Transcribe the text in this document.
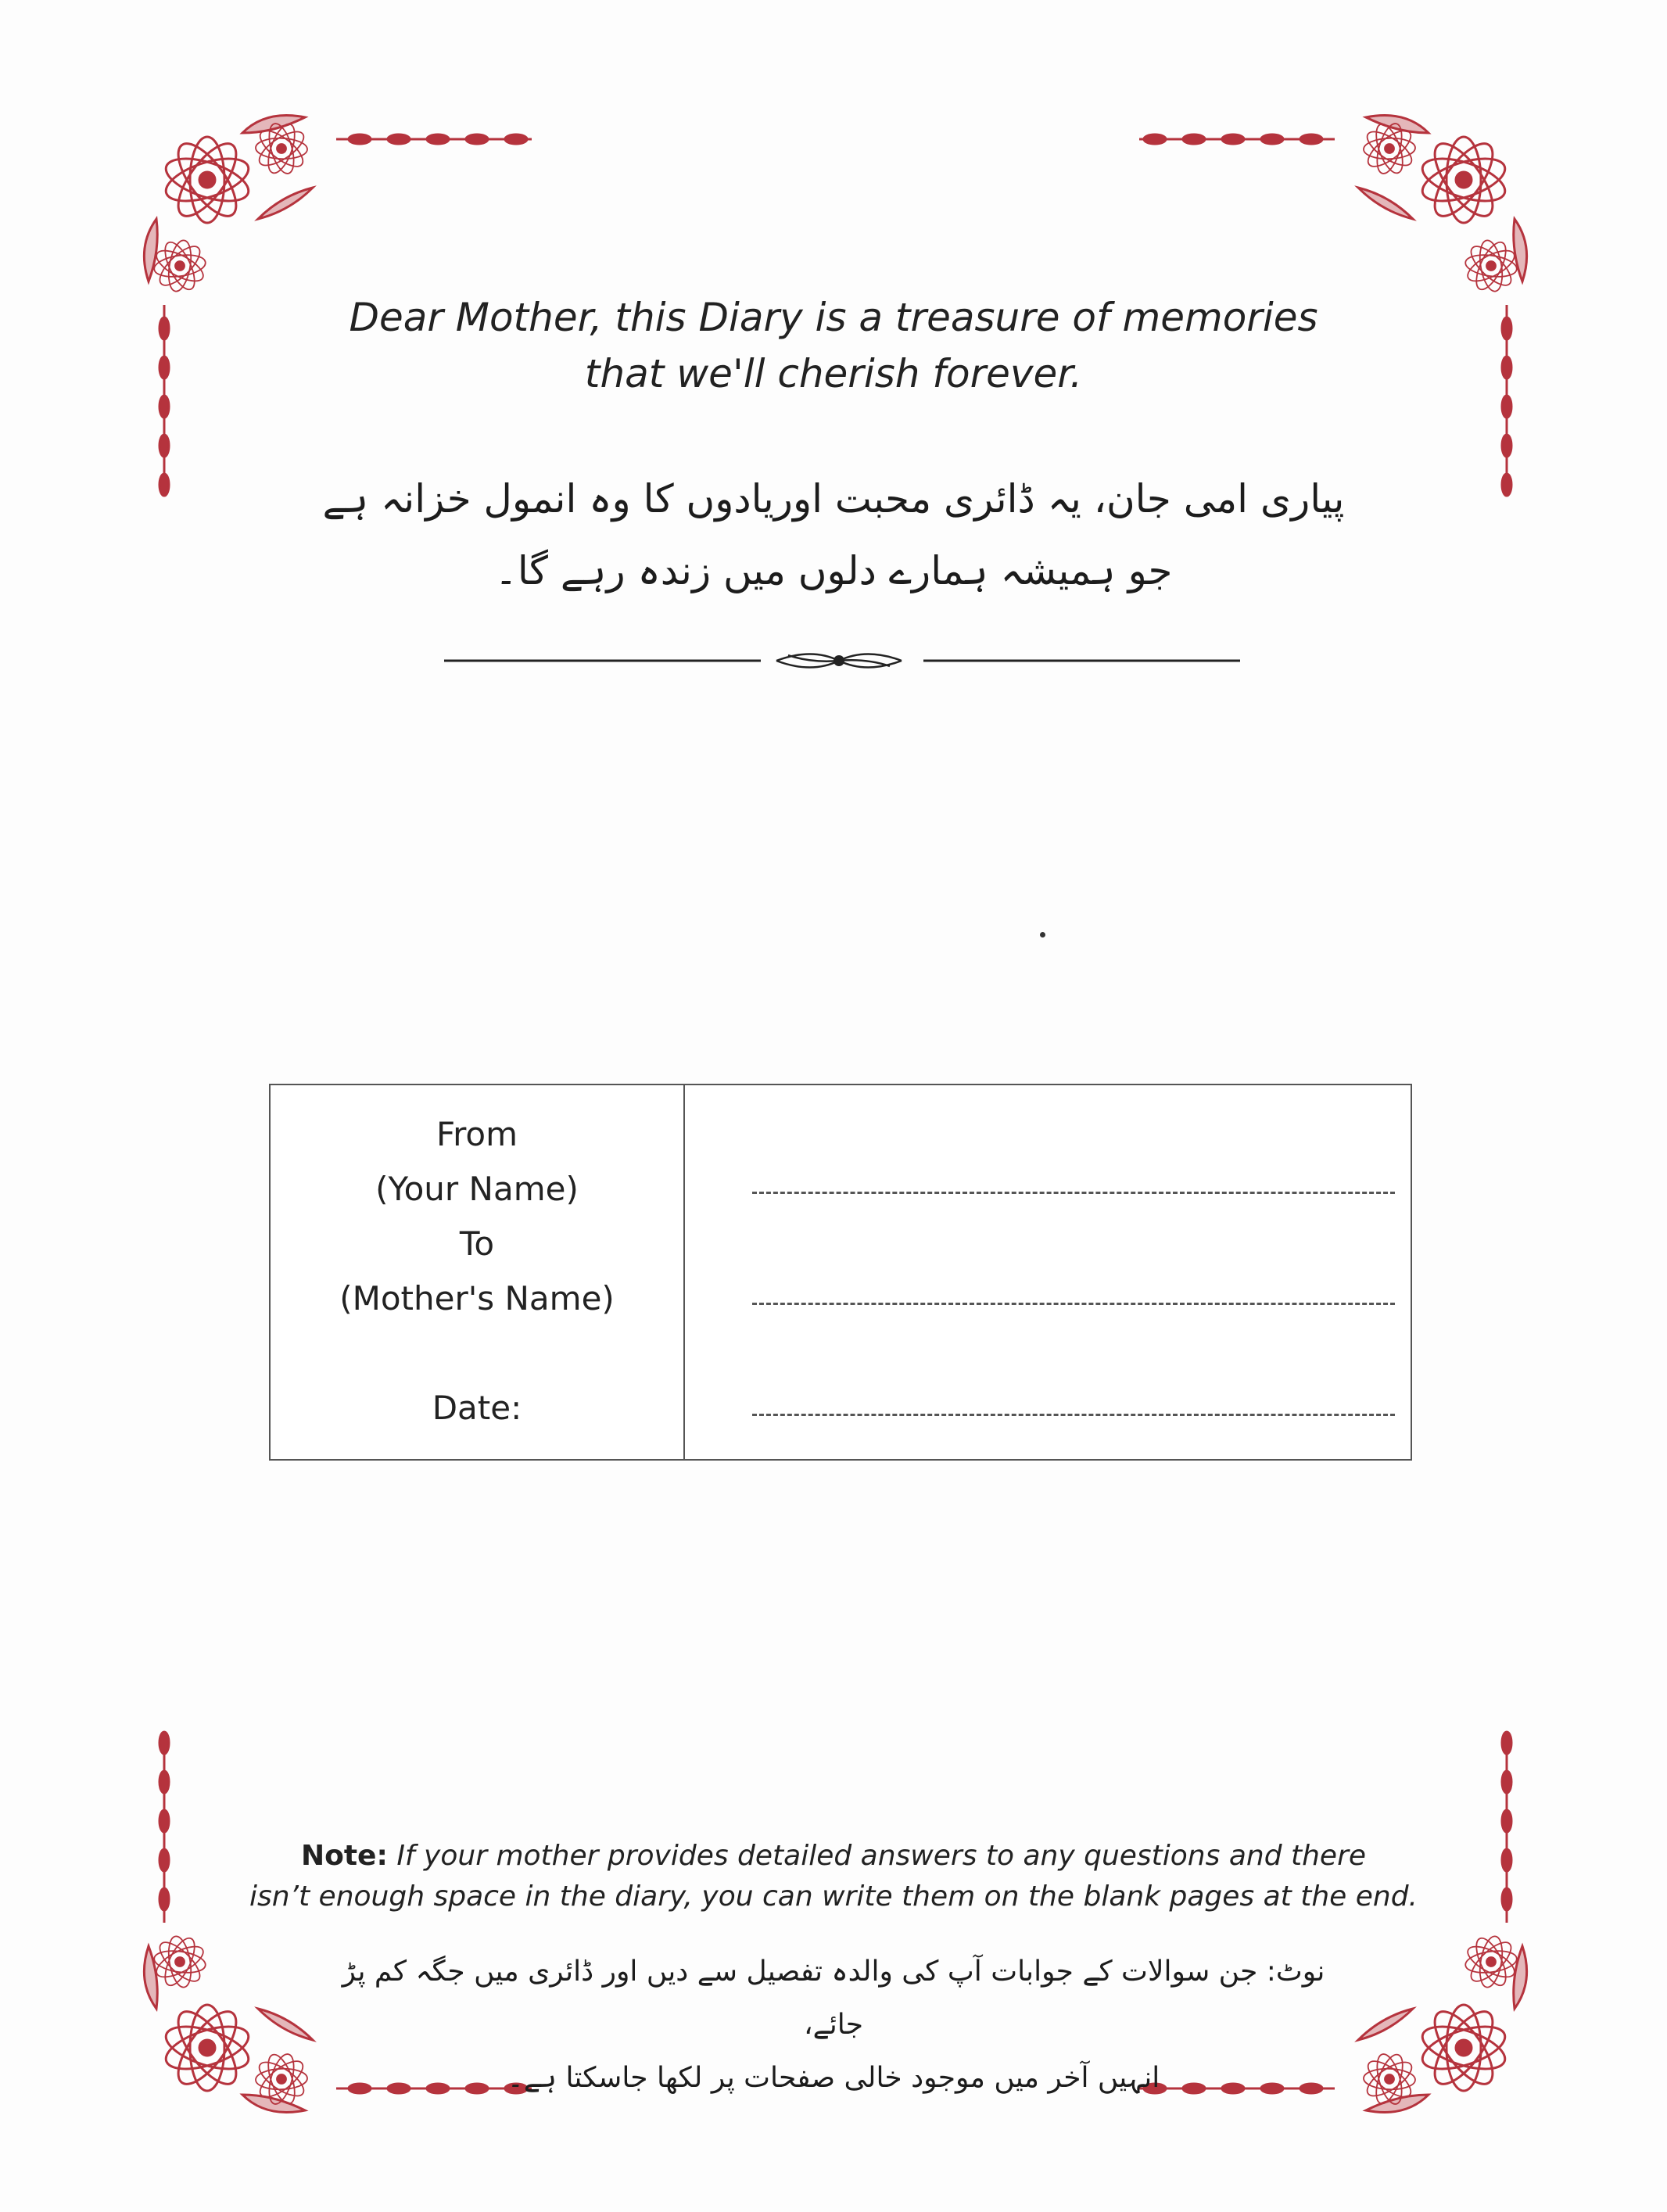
Dear Mother, this Diary is a treasure of memories
that we'll cherish forever.
پیاری امی جان، یہ ڈائری محبت اوریادوں کا وہ انمول خزانہ ہے
جو ہمیشہ ہمارے دلوں میں زندہ رہے گا۔
From
(Your Name)
To
(Mother's Name)
Date:
Note: If your mother provides detailed answers to any questions and there
isn’t enough space in the diary, you can write them on the blank pages at the end.
نوٹ: جن سوالات کے جوابات آپ کی والدہ تفصیل سے دیں اور ڈائری میں جگہ کم پڑ جائے،
انہیں آخر میں موجود خالی صفحات پر لکھا جاسکتا ہے۔
